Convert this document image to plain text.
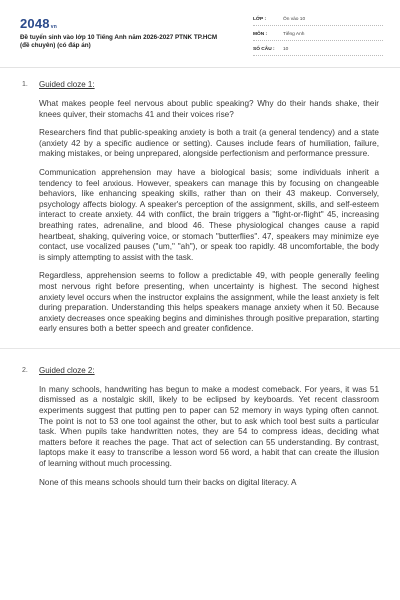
2048vn
Đề tuyển sinh vào lớp 10 Tiếng Anh năm 2026-2027 PTNK TP.HCM (đề chuyên) (có đáp án)
LỚP :	Ôn vào 10
MÔN :	Tiếng Anh
SỐ CÂU : 10
1. Guided cloze 1:

What makes people feel nervous about public speaking? Why do their hands shake, their knees quiver, their stomachs 41 and their voices rise?

Researchers find that public-speaking anxiety is both a trait (a general tendency) and a state (anxiety 42 by a specific audience or setting). Causes include fears of humiliation, failure, making mistakes, or being unprepared, alongside perfectionism and performance pressure.

Communication apprehension may have a biological basis; some individuals inherit a tendency to feel anxious. However, speakers can manage this by focusing on changeable behaviors, like enhancing speaking skills, rather than on their 43 makeup. Conversely, psychology affects biology. A speaker's perception of the assignment, skills, and self-esteem interact to create anxiety. 44 with conflict, the brain triggers a "fight-or-flight" 45, increasing breathing rates, adrenaline, and blood 46. These physiological changes cause a rapid heartbeat, shaking, quivering voice, or stomach "butterflies". 47, speakers may minimize eye contact, use vocalized pauses ("um," "ah"), or speak too rapidly. 48 uncomfortable, the body is simply attempting to assist with the task.

Regardless, apprehension seems to follow a predictable 49, with people generally feeling most nervous right before presenting, when uncertainty is highest. The second highest anxiety level occurs when the instructor explains the assignment, while the least anxiety is felt during preparation. Understanding this helps speakers manage anxiety when it 50. Because anxiety decreases once speaking begins and diminishes through positive preparation, starting early ensures both a better speech and greater confidence.

2. Guided cloze 2:

In many schools, handwriting has begun to make a modest comeback. For years, it was 51 dismissed as a nostalgic skill, likely to be eclipsed by keyboards. Yet recent classroom experiments suggest that putting pen to paper can 52 memory in ways typing often cannot. The point is not to 53 one tool against the other, but to ask which tool best suits a particular task. When pupils take handwritten notes, they are 54 to compress ideas, deciding what matters before it reaches the page. That act of selection can 55 understanding. By contrast, laptops make it easy to transcribe a lesson word 56 word, a habit that can create the illusion of learning without much processing.

None of this means schools should turn their backs on digital literacy. A
